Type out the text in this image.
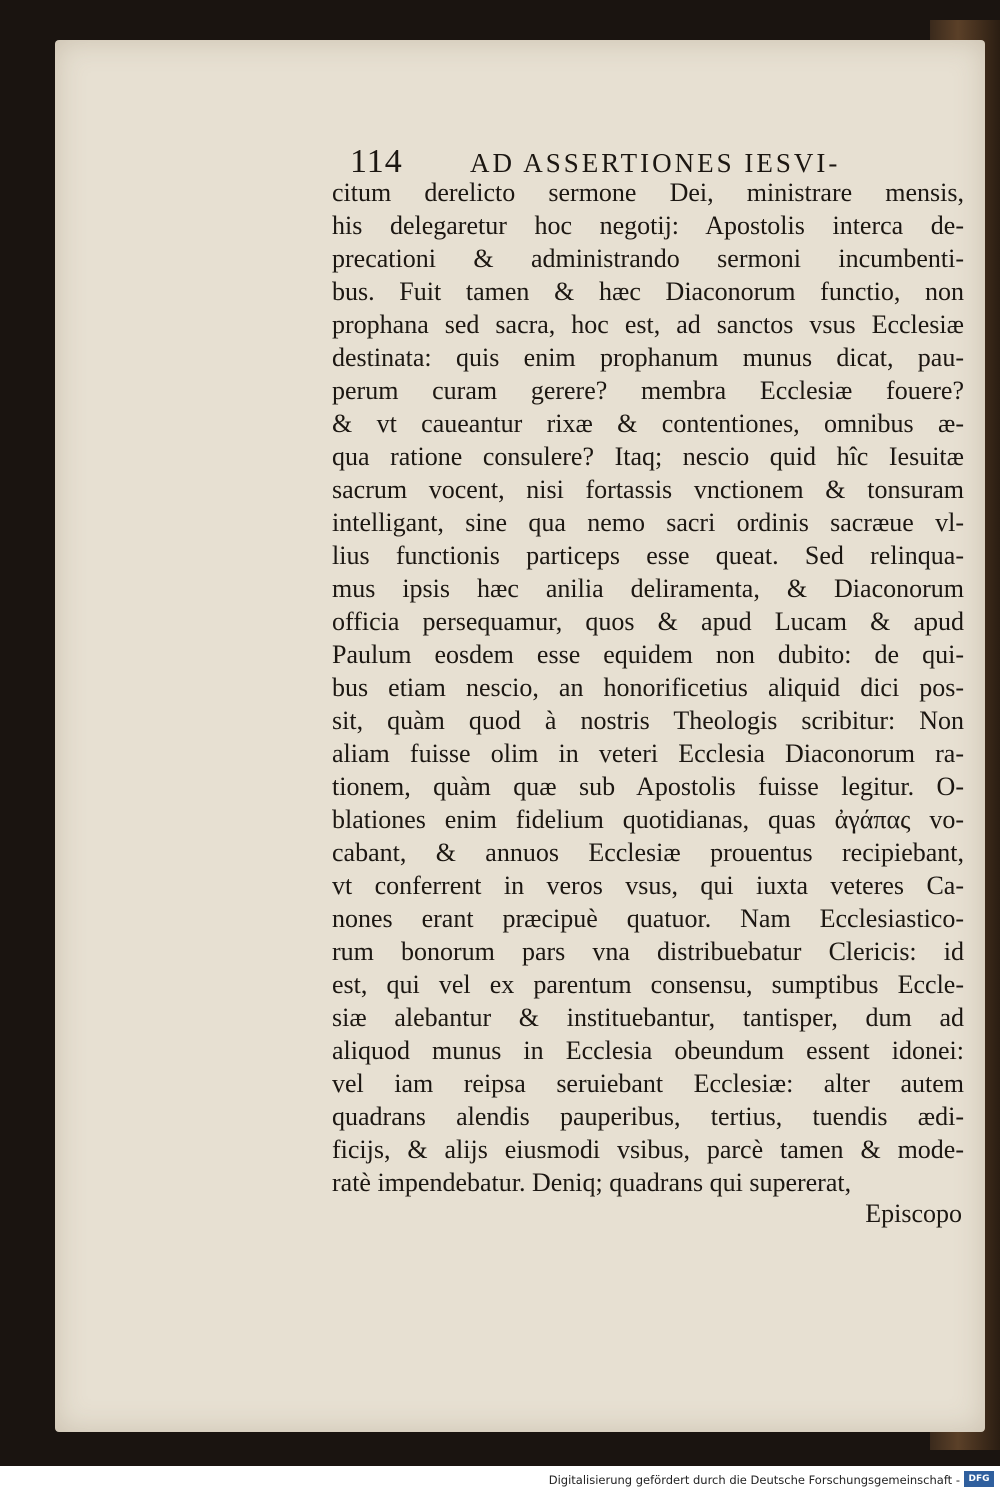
114 AD ASSERTIONES IESVI-
citum derelicto sermone Dei, ministrare mensis,
his delegaretur hoc negotij: Apostolis interca de-
precationi & administrando sermoni incumbenti-
bus. Fuit tamen & hæc Diaconorum functio, non
prophana sed sacra, hoc est, ad sanctos vsus Ecclesiæ
destinata: quis enim prophanum munus dicat, pau-
perum curam gerere? membra Ecclesiæ fouere?
& vt caueantur rixæ & contentiones, omnibus æ-
qua ratione consulere? Itaq; nescio quid hîc Iesuitæ
sacrum vocent, nisi fortassis vnctionem & tonsuram
intelligant, sine qua nemo sacri ordinis sacræue vl-
lius functionis particeps esse queat. Sed relinqua-
mus ipsis hæc anilia deliramenta, & Diaconorum
officia persequamur, quos & apud Lucam & apud
Paulum eosdem esse equidem non dubito: de qui-
bus etiam nescio, an honorificetius aliquid dici pos-
sit, quàm quod à nostris Theologis scribitur: Non
aliam fuisse olim in veteri Ecclesia Diaconorum ra-
tionem, quàm quæ sub Apostolis fuisse legitur. O-
blationes enim fidelium quotidianas, quas ἀγάπας vo-
cabant, & annuos Ecclesiæ prouentus recipiebant,
vt conferrent in veros vsus, qui iuxta veteres Ca-
nones erant præcipuè quatuor. Nam Ecclesiastico-
rum bonorum pars vna distribuebatur Clericis: id
est, qui vel ex parentum consensu, sumptibus Eccle-
siæ alebantur & instituebantur, tantisper, dum ad
aliquod munus in Ecclesia obeundum essent idonei:
vel iam reipsa seruiebant Ecclesiæ: alter autem
quadrans alendis pauperibus, tertius, tuendis ædi-
ficijs, & alijs eiusmodi vsibus, parcè tamen & mode-
ratè impendebatur. Deniq; quadrans qui supererat,
Episcopo
Digitalisierung gefördert durch die Deutsche Forschungsgemeinschaft - DFG
